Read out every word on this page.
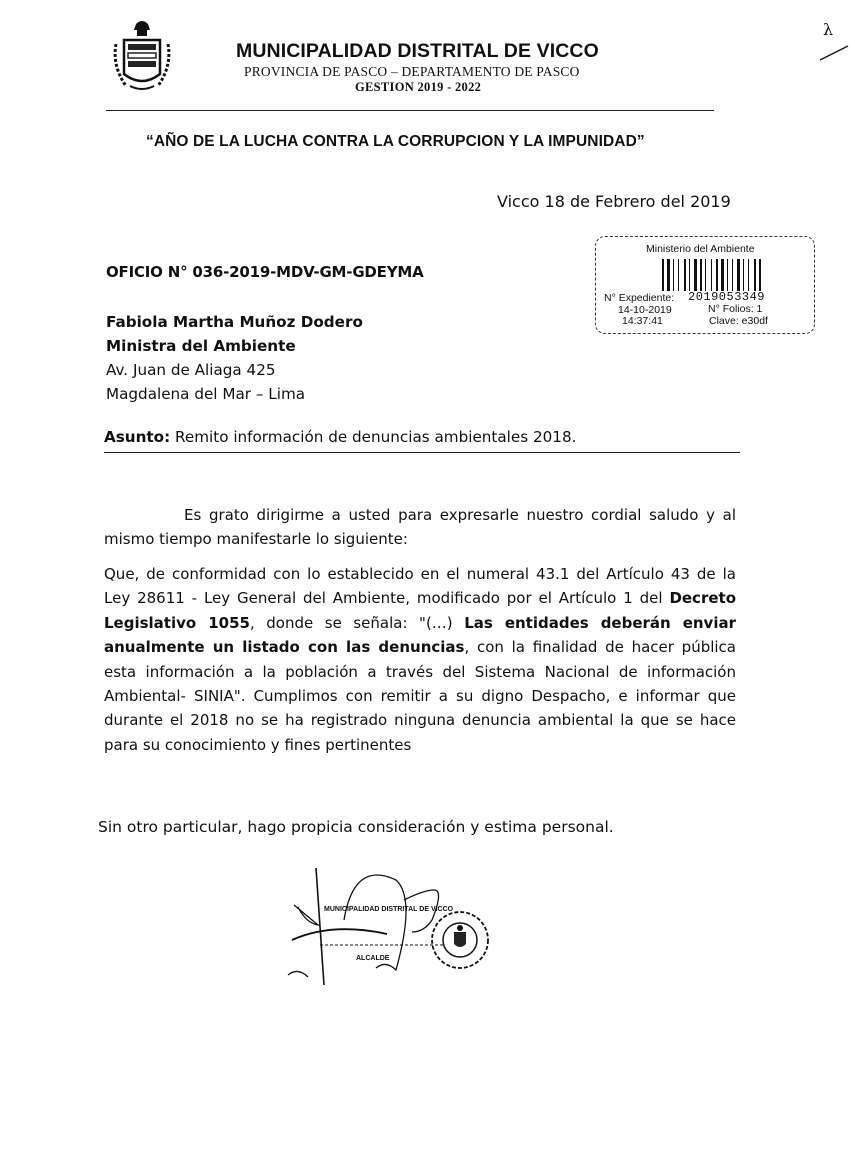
MUNICIPALIDAD DISTRITAL DE VICCO
PROVINCIA DE PASCO – DEPARTAMENTO DE PASCO
GESTION 2019 - 2022
λ
“AÑO DE LA LUCHA CONTRA LA CORRUPCION Y LA IMPUNIDAD”
Vicco 18 de Febrero del 2019
Ministerio del Ambiente
N° Expediente: 2019053349
14-10-2019	N° Folios: 1
14:37:41	Clave: e30df
OFICIO N° 036-2019-MDV-GM-GDEYMA
Fabiola Martha Muñoz Dodero
Ministra del Ambiente
Av. Juan de Aliaga 425
Magdalena del Mar – Lima
Asunto: Remito información de denuncias ambientales 2018.
Es grato dirigirme a usted para expresarle nuestro cordial saludo y al mismo tiempo manifestarle lo siguiente:
Que, de conformidad con lo establecido en el numeral 43.1 del Artículo 43 de la Ley 28611 - Ley General del Ambiente, modificado por el Artículo 1 del Decreto Legislativo 1055, donde se señala: "(…) Las entidades deberán enviar anualmente un listado con las denuncias, con la finalidad de hacer pública esta información a la población a través del Sistema Nacional de información Ambiental- SINIA". Cumplimos con remitir a su digno Despacho, e informar que durante el 2018 no se ha registrado ninguna denuncia ambiental la que se hace para su conocimiento y fines pertinentes
Sin otro particular, hago propicia consideración y estima personal.
MUNICIPALIDAD DISTRITAL DE VICCO
ALCALDE
